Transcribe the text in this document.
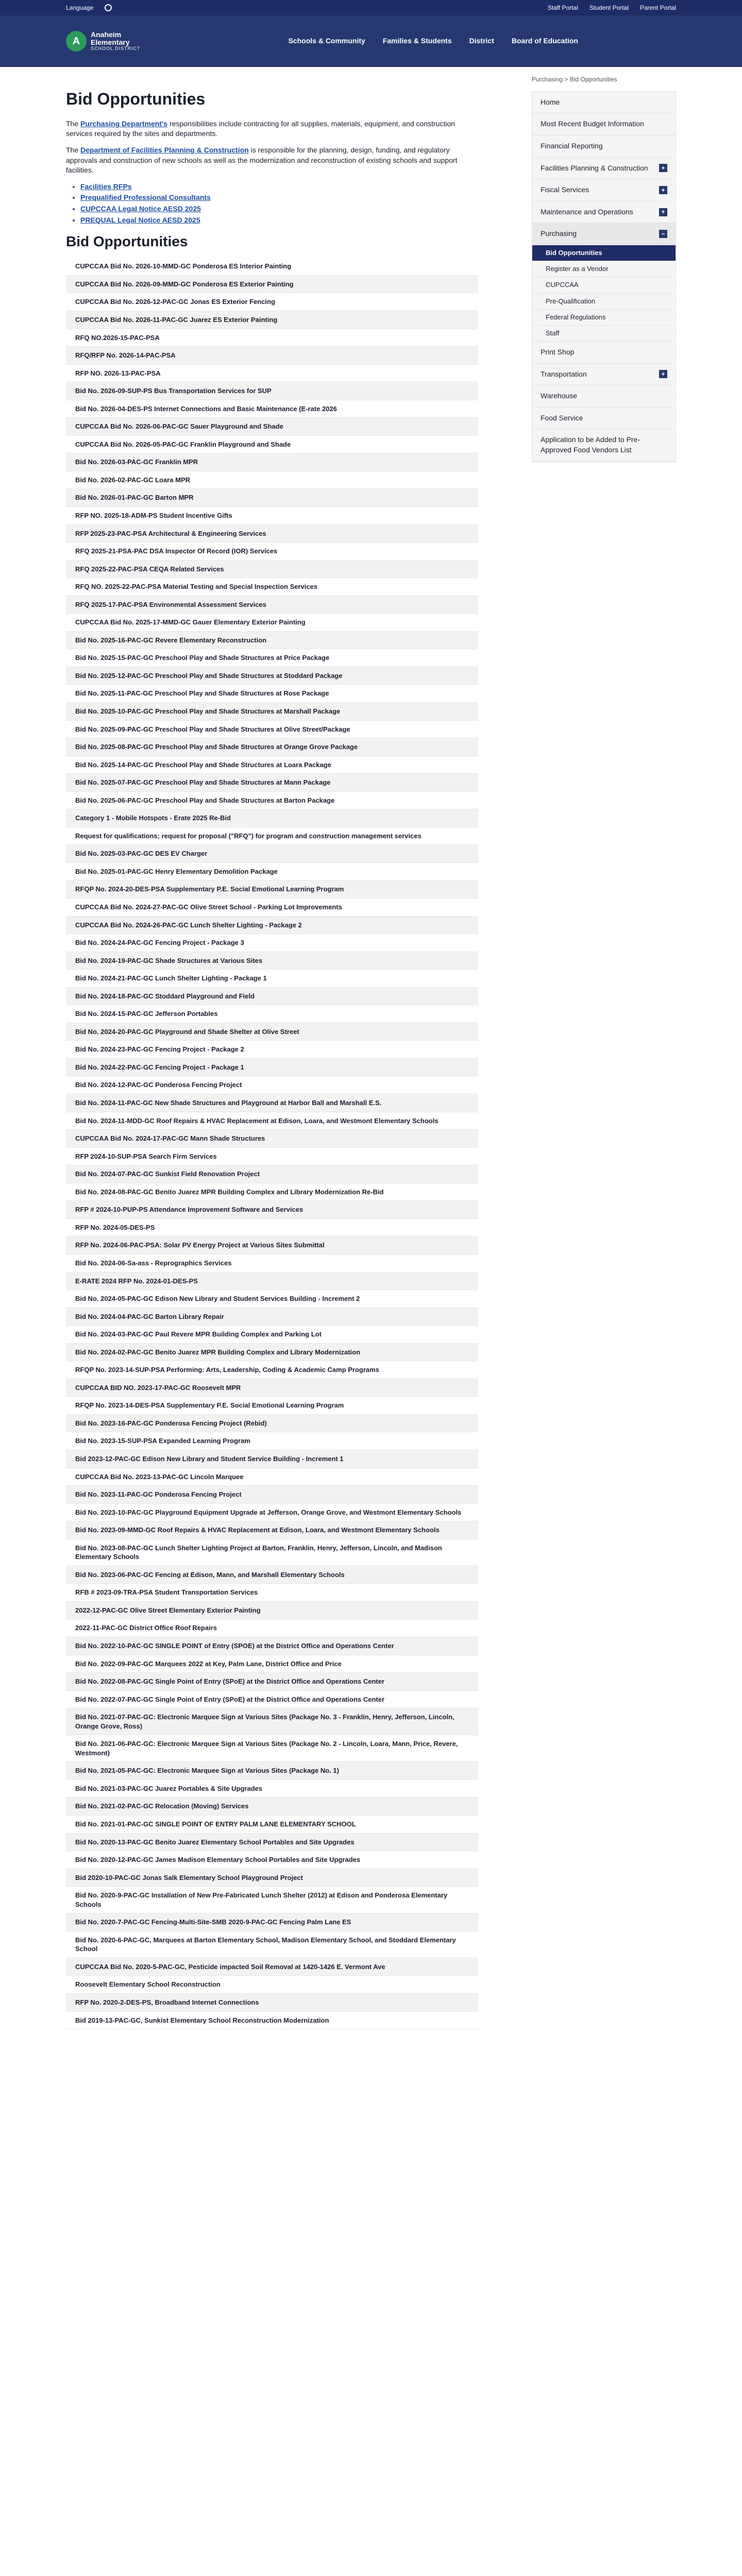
Language	Staff Portal Student Portal Parent Portal
A
Anaheim
Elementary
SCHOOL DISTRICT
Schools & Community Families & Students District Board of Education
Bid Opportunities

The Purchasing Department's responsibilities include contracting for all supplies, materials, equipment, and construction services required by the sites and departments.

The Department of Facilities Planning & Construction is responsible for the planning, design, funding, and regulatory approvals and construction of new schools as well as the modernization and reconstruction of existing schools and support facilities.

• Facilities RFPs
• Prequalified Professional Consultants
• CUPCCAA Legal Notice AESD 2025
• PREQUAL Legal Notice AESD 2025
Bid Opportunities
CUPCCAA Bid No. 2026-10-MMD-GC Ponderosa ES Interior Painting
CUPCCAA Bid No. 2026-09-MMD-GC Ponderosa ES Exterior Painting
CUPCCAA Bid No. 2026-12-PAC-GC Jonas ES Exterior Fencing
CUPCCAA Bid No. 2026-11-PAC-GC Juarez ES Exterior Painting
RFQ NO.2026-15-PAC-PSA
RFQ/RFP No. 2026-14-PAC-PSA
RFP NO. 2026-13-PAC-PSA
Bid No. 2026-09-SUP-PS Bus Transportation Services for SUP
Bid No. 2026-04-DES-PS Internet Connections and Basic Maintenance (E-rate 2026
CUPCCAA Bid No. 2026-06-PAC-GC Sauer Playground and Shade
CUPCCAA Bid No. 2026-05-PAC-GC Franklin Playground and Shade
Bid No. 2026-03-PAC-GC Franklin MPR
Bid No. 2026-02-PAC-GC Loara MPR
Bid No. 2026-01-PAC-GC Barton MPR
RFP NO. 2025-18-ADM-PS Student Incentive Gifts
RFP 2025-23-PAC-PSA Architectural & Engineering Services
RFQ 2025-21-PSA-PAC DSA Inspector Of Record (IOR) Services
RFQ 2025-22-PAC-PSA CEQA Related Services
RFQ NO. 2025-22-PAC-PSA Material Testing and Special Inspection Services
RFQ 2025-17-PAC-PSA Environmental Assessment Services
CUPCCAA Bid No. 2025-17-MMD-GC Gauer Elementary Exterior Painting
Bid No. 2025-16-PAC-GC Revere Elementary Reconstruction
Bid No. 2025-15-PAC-GC Preschool Play and Shade Structures at Price Package
Bid No. 2025-12-PAC-GC Preschool Play and Shade Structures at Stoddard Package
Bid No. 2025-11-PAC-GC Preschool Play and Shade Structures at Rose Package
Bid No. 2025-10-PAC-GC Preschool Play and Shade Structures at Marshall Package
Bid No. 2025-09-PAC-GC Preschool Play and Shade Structures at Olive Street/Package
Bid No. 2025-08-PAC-GC Preschool Play and Shade Structures at Orange Grove Package
Bid No. 2025-14-PAC-GC Preschool Play and Shade Structures at Loara Package
Bid No. 2025-07-PAC-GC Preschool Play and Shade Structures at Mann Package
Bid No. 2025-06-PAC-GC Preschool Play and Shade Structures at Barton Package
Category 1 - Mobile Hotspots - Erate 2025 Re-Bid
Request for qualifications; request for proposal ("RFQ") for program and construction management services
Bid No. 2025-03-PAC-GC DES EV Charger
Bid No. 2025-01-PAC-GC Henry Elementary Demolition Package
RFQP No. 2024-20-DES-PSA Supplementary P.E. Social Emotional Learning Program
CUPCCAA Bid No. 2024-27-PAC-GC Olive Street School - Parking Lot Improvements
CUPCCAA Bid No. 2024-26-PAC-GC Lunch Shelter Lighting - Package 2
Bid No. 2024-24-PAC-GC Fencing Project - Package 3
Bid No. 2024-19-PAC-GC Shade Structures at Various Sites
Bid No. 2024-21-PAC-GC Lunch Shelter Lighting - Package 1
Bid No. 2024-18-PAC-GC Stoddard Playground and Field
Bid No. 2024-15-PAC-GC Jefferson Portables
Bid No. 2024-20-PAC-GC Playground and Shade Shelter at Olive Street
Bid No. 2024-23-PAC-GC Fencing Project - Package 2
Bid No. 2024-22-PAC-GC Fencing Project - Package 1
Bid No. 2024-12-PAC-GC Ponderosa Fencing Project
Bid No. 2024-11-PAC-GC New Shade Structures and Playground at Harbor Ball and Marshall E.S.
Bid No. 2024-11-MDD-GC Roof Repairs & HVAC Replacement at Edison, Loara, and Westmont Elementary Schools
CUPCCAA Bid No. 2024-17-PAC-GC Mann Shade Structures
RFP 2024-10-SUP-PSA Search Firm Services
Bid No. 2024-07-PAC-GC Sunkist Field Renovation Project
Bid No. 2024-08-PAC-GC Benito Juarez MPR Building Complex and Library Modernization Re-Bid
RFP # 2024-10-PUP-PS Attendance Improvement Software and Services
RFP No. 2024-05-DES-PS
RFP No. 2024-06-PAC-PSA: Solar PV Energy Project at Various Sites Submittal
Bid No. 2024-06-Sa-ass - Reprographics Services
E-RATE 2024 RFP No. 2024-01-DES-PS
Bid No. 2024-05-PAC-GC Edison New Library and Student Services Building - Increment 2
Bid No. 2024-04-PAC-GC Barton Library Repair
Bid No. 2024-03-PAC-GC Paul Revere MPR Building Complex and Parking Lot
Bid No. 2024-02-PAC-GC Benito Juarez MPR Building Complex and Library Modernization
RFQP No. 2023-14-SUP-PSA Performing: Arts, Leadership, Coding & Academic Camp Programs
CUPCCAA BID NO. 2023-17-PAC-GC Roosevelt MPR
RFQP No. 2023-14-DES-PSA Supplementary P.E. Social Emotional Learning Program
Bid No. 2023-16-PAC-GC Ponderosa Fencing Project (Rebid)
Bid No. 2023-15-SUP-PSA Expanded Learning Program
Bid 2023-12-PAC-GC Edison New Library and Student Service Building - Increment 1
CUPCCAA Bid No. 2023-13-PAC-GC Lincoln Marquee
Bid No. 2023-11-PAC-GC Ponderosa Fencing Project
Bid No. 2023-10-PAC-GC Playground Equipment Upgrade at Jefferson, Orange Grove, and Westmont Elementary Schools
Bid No. 2023-09-MMD-GC Roof Repairs & HVAC Replacement at Edison, Loara, and Westmont Elementary Schools
Bid No. 2023-08-PAC-GC Lunch Shelter Lighting Project at Barton, Franklin, Henry, Jefferson, Lincoln, and Madison Elementary Schools
Bid No. 2023-06-PAC-GC Fencing at Edison, Mann, and Marshall Elementary Schools
RFB # 2023-09-TRA-PSA Student Transportation Services
2022-12-PAC-GC Olive Street Elementary Exterior Painting
2022-11-PAC-GC District Office Roof Repairs
Bid No. 2022-10-PAC-GC SINGLE POINT of Entry (SPOE) at the District Office and Operations Center
Bid No. 2022-09-PAC-GC Marquees 2022 at Key, Palm Lane, District Office and Price
Bid No. 2022-08-PAC-GC Single Point of Entry (SPoE) at the District Office and Operations Center
Bid No. 2022-07-PAC-GC Single Point of Entry (SPoE) at the District Office and Operations Center
Bid No. 2021-07-PAC-GC: Electronic Marquee Sign at Various Sites (Package No. 3 - Franklin, Henry, Jefferson, Lincoln, Orange Grove, Ross)
Bid No. 2021-06-PAC-GC: Electronic Marquee Sign at Various Sites (Package No. 2 - Lincoln, Loara, Mann, Price, Revere, Westmont)
Bid No. 2021-05-PAC-GC: Electronic Marquee Sign at Various Sites (Package No. 1)
Bid No. 2021-03-PAC-GC Juarez Portables & Site Upgrades
Bid No. 2021-02-PAC-GC Relocation (Moving) Services
Bid No. 2021-01-PAC-GC SINGLE POINT OF ENTRY PALM LANE ELEMENTARY SCHOOL
Bid No. 2020-13-PAC-GC Benito Juarez Elementary School Portables and Site Upgrades
Bid No. 2020-12-PAC-GC James Madison Elementary School Portables and Site Upgrades
Bid 2020-10-PAC-GC Jonas Salk Elementary School Playground Project
Bid No. 2020-9-PAC-GC Installation of New Pre-Fabricated Lunch Shelter (2012) at Edison and Ponderosa Elementary Schools
Bid No. 2020-7-PAC-GC Fencing-Multi-Site-SMB 2020-9-PAC-GC Fencing Palm Lane ES
Bid No. 2020-6-PAC-GC, Marquees at Barton Elementary School, Madison Elementary School, and Stoddard Elementary School
CUPCCAA Bid No. 2020-5-PAC-GC, Pesticide impacted Soil Removal at 1420-1426 E. Vermont Ave
Roosevelt Elementary School Reconstruction
RFP No. 2020-2-DES-PS, Broadband Internet Connections
Bid 2019-13-PAC-GC, Sunkist Elementary School Reconstruction Modernization
Purchasing > Bid Opportunities
Home
Most Recent Budget Information
Financial Reporting
Facilities Planning & Construction	+
Fiscal Services	+
Maintenance and Operations	+
Purchasing	−
Bid Opportunities
Register as a Vendor
CUPCCAA
Pre-Qualification
Federal Regulations
Staff
Print Shop
Transportation	+
Warehouse
Food Service
Application to be Added to Pre-Approved Food Vendors List
